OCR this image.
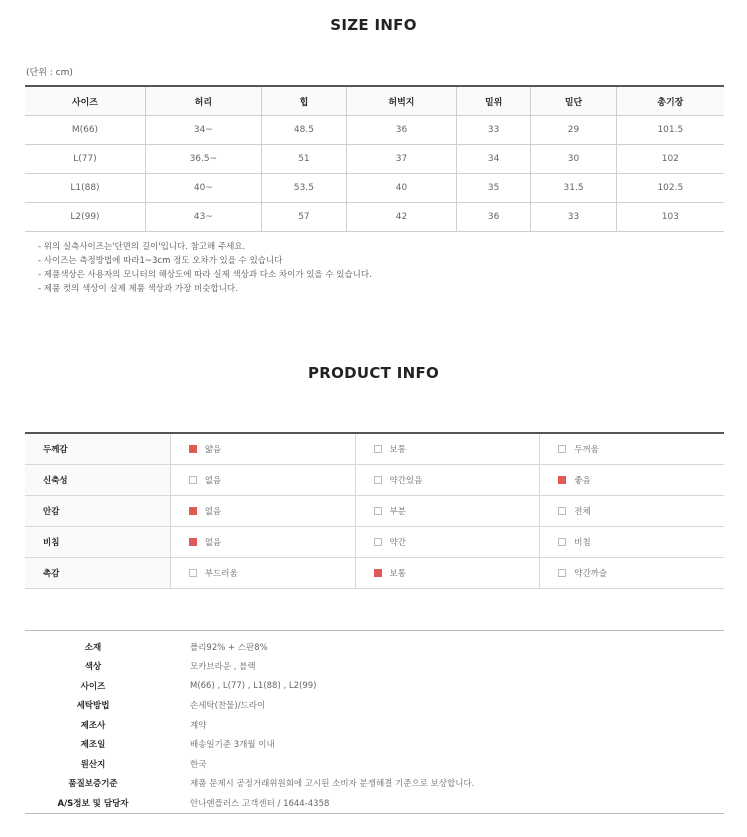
SIZE INFO
(단위 : cm)
사이즈	허리	힙	허벅지	밑위	밑단	총기장
M(66)	34~	48.5	36	33	29	101.5
L(77)	36.5~	51	37	34	30	102
L1(88)	40~	53.5	40	35	31.5	102.5
L2(99)	43~	57	42	36	33	103
- 위의 실측사이즈는'단면의 길이'입니다. 참고해 주세요.
- 사이즈는 측정방법에 따라1~3cm 정도 오차가 있을 수 있습니다
- 제품색상은 사용자의 모니터의 해상도에 따라 실제 색상과 다소 차이가 있을 수 있습니다.
- 제품 컷의 색상이 실제 제품 색상과 가장 비슷합니다.
PRODUCT INFO
두께감	얇음	보통	두꺼움
신축성	없음	약간있음	좋음
안감	없음	부분	전체
비침	없음	약간	비침
촉감	부드러움	보통	약간까슬
소재	폴리92% + 스판8%
색상	모카브라운 , 블랙
사이즈	M(66) , L(77) , L1(88) , L2(99)
세탁방법	손세탁(찬물)/드라이
제조사	계약
제조일	배송일기준 3개월 이내
원산지	한국
품질보증기준	제품 문제시 공정거래위원회에 고시된 소비자 분쟁해결 기준으로 보상합니다.
A/S정보 및 담당자	안나앤플러스 고객센터 / 1644-4358
